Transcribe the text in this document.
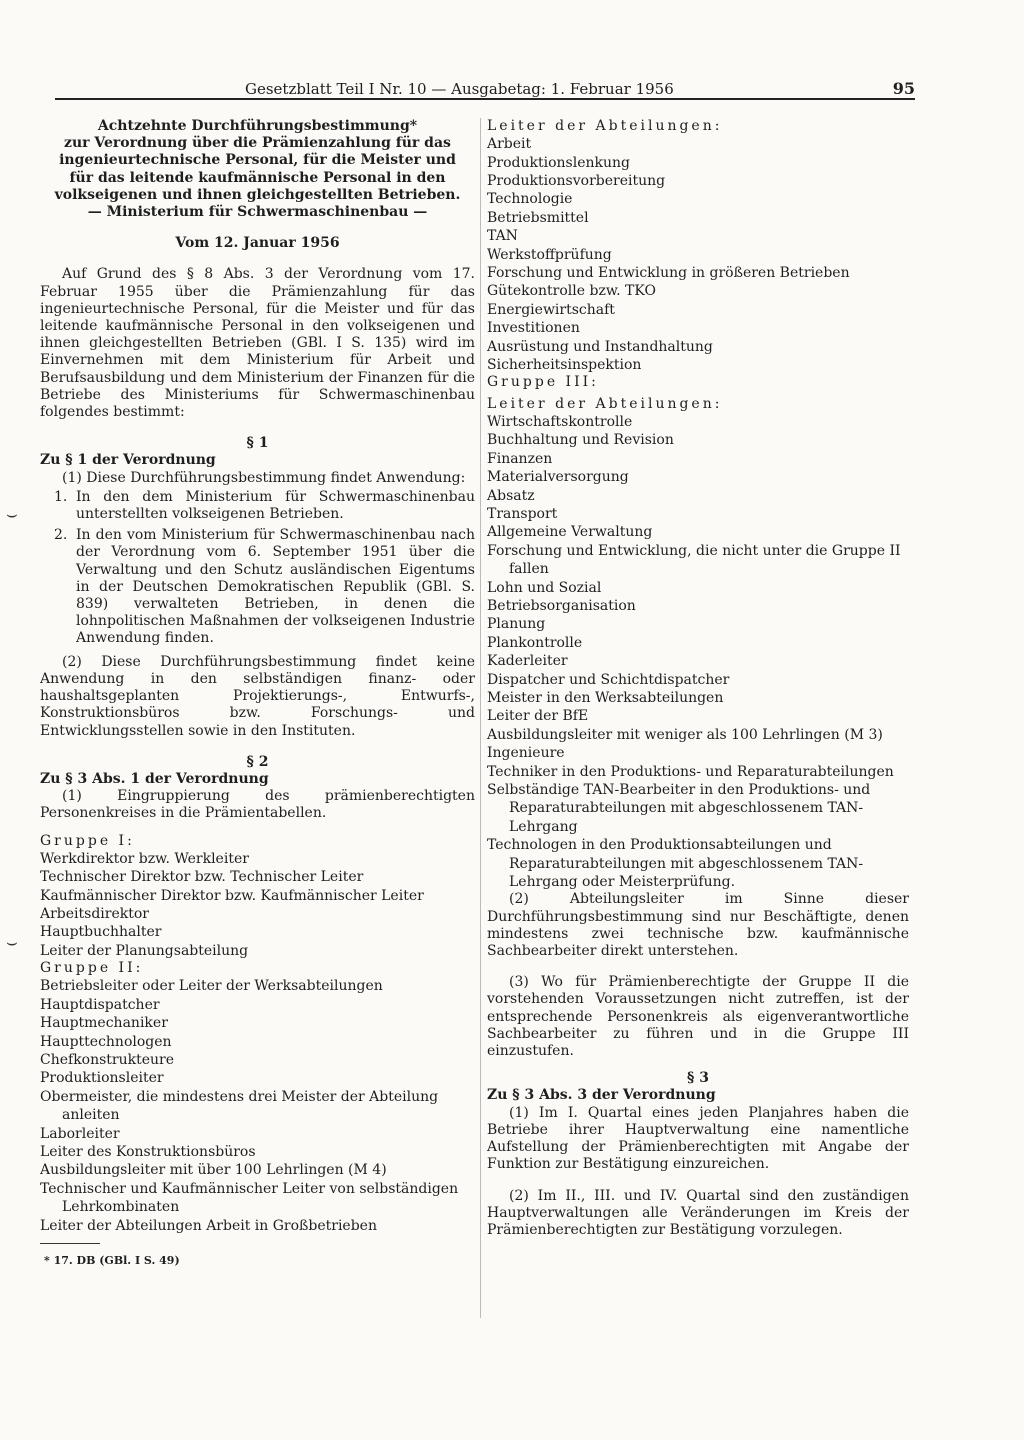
Gesetzblatt Teil I Nr. 10 — Ausgabetag: 1. Februar 1956	95
⌣
⌣

Achtzehnte Durchführungsbestimmung*

zur Verordnung über die Prämienzahlung für das

ingenieurtechnische Personal, für die Meister und

für das leitende kaufmännische Personal in den

volkseigenen und ihnen gleichgestellten Betrieben.

— Ministerium für Schwermaschinenbau —

Vom 12. Januar 1956

Auf Grund des § 8 Abs. 3 der Verordnung vom 17. Februar 1955 über die Prämienzahlung für das ingenieurtechnische Personal, für die Meister und für das leitende kaufmännische Personal in den volkseigenen und ihnen gleichgestellten Betrieben (GBl. I S. 135) wird im Einvernehmen mit dem Ministerium für Arbeit und Berufsausbildung und dem Ministerium der Finanzen für die Betriebe des Ministeriums für Schwermaschinenbau folgendes bestimmt:

§ 1

Zu § 1 der Verordnung

(1) Diese Durchführungsbestimmung findet Anwendung:

1. In den dem Ministerium für Schwermaschinenbau unterstellten volkseigenen Betrieben.
2. In den vom Ministerium für Schwermaschinenbau nach der Verordnung vom 6. September 1951 über die Verwaltung und den Schutz ausländischen Eigentums in der Deutschen Demokratischen Republik (GBl. S. 839) verwalteten Betrieben, in denen die lohnpolitischen Maßnahmen der volkseigenen Industrie Anwendung finden.

(2) Diese Durchführungsbestimmung findet keine Anwendung in den selbständigen finanz- oder haushaltsgeplanten Projektierungs-, Entwurfs-, Konstruktionsbüros bzw. Forschungs- und Entwicklungsstellen sowie in den Instituten.

§ 2

Zu § 3 Abs. 1 der Verordnung

(1) Eingruppierung des prämienberechtigten Personenkreises in die Prämientabellen.

Gruppe I:

Werkdirektor bzw. Werkleiter
Technischer Direktor bzw. Technischer Leiter
Kaufmännischer Direktor bzw. Kaufmännischer Leiter
Arbeitsdirektor
Hauptbuchhalter
Leiter der Planungsabteilung

Gruppe II:

Betriebsleiter oder Leiter der Werksabteilungen
Hauptdispatcher
Hauptmechaniker
Haupttechnologen
Chefkonstrukteure
Produktionsleiter
Obermeister, die mindestens drei Meister der Abteilung anleiten
Laborleiter
Leiter des Konstruktionsbüros
Ausbildungsleiter mit über 100 Lehrlingen (M 4)
Technischer und Kaufmännischer Leiter von selbständigen Lehrkombinaten
Leiter der Abteilungen Arbeit in Großbetrieben

* 17. DB (GBl. I S. 49)

Leiter der Abteilungen:

Arbeit
Produktionslenkung
Produktionsvorbereitung
Technologie
Betriebsmittel
TAN
Werkstoffprüfung
Forschung und Entwicklung in größeren Betrieben
Gütekontrolle bzw. TKO
Energiewirtschaft
Investitionen
Ausrüstung und Instandhaltung
Sicherheitsinspektion

Gruppe III:

Leiter der Abteilungen:

Wirtschaftskontrolle
Buchhaltung und Revision
Finanzen
Materialversorgung
Absatz
Transport
Allgemeine Verwaltung
Forschung und Entwicklung, die nicht unter die Gruppe II fallen
Lohn und Sozial
Betriebsorganisation
Planung
Plankontrolle
Kaderleiter
Dispatcher und Schichtdispatcher
Meister in den Werksabteilungen
Leiter der BfE
Ausbildungsleiter mit weniger als 100 Lehrlingen (M 3)
Ingenieure
Techniker in den Produktions- und Reparaturabteilungen
Selbständige TAN-Bearbeiter in den Produktions- und Reparaturabteilungen mit abgeschlossenem TAN-Lehrgang
Technologen in den Produktionsabteilungen und Reparaturabteilungen mit abgeschlossenem TAN-Lehrgang oder Meisterprüfung.

(2) Abteilungsleiter im Sinne dieser Durchführungsbestimmung sind nur Beschäftigte, denen mindestens zwei technische bzw. kaufmännische Sachbearbeiter direkt unterstehen.

(3) Wo für Prämienberechtigte der Gruppe II die vorstehenden Voraussetzungen nicht zutreffen, ist der entsprechende Personenkreis als eigenverantwortliche Sachbearbeiter zu führen und in die Gruppe III einzustufen.

§ 3

Zu § 3 Abs. 3 der Verordnung

(1) Im I. Quartal eines jeden Planjahres haben die Betriebe ihrer Hauptverwaltung eine namentliche Aufstellung der Prämienberechtigten mit Angabe der Funktion zur Bestätigung einzureichen.

(2) Im II., III. und IV. Quartal sind den zuständigen Hauptverwaltungen alle Veränderungen im Kreis der Prämienberechtigten zur Bestätigung vorzulegen.
